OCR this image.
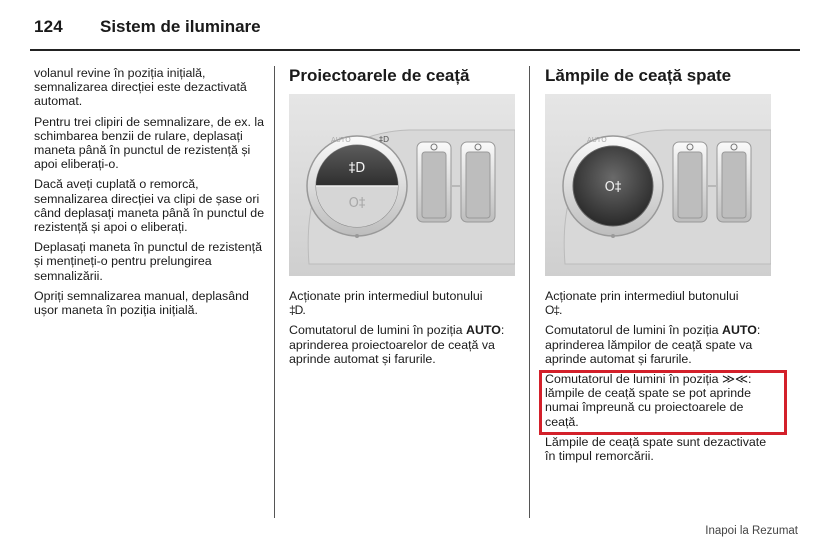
124 Sistem de iluminare

volanul revine în poziția inițială, semnalizarea direcției este dezactivată automat.

Pentru trei clipiri de semnalizare, de ex. la schimbarea benzii de rulare, deplasați maneta până în punctul de rezistență și apoi eliberați-o.

Dacă aveți cuplată o remorcă, semnalizarea direcției va clipi de șase ori când deplasați maneta până în punctul de rezistență și apoi o eliberați.

Deplasați maneta în punctul de rezistență și mențineți-o pentru prelungirea semnalizării.

Opriți semnalizarea manual, deplasând ușor maneta în poziția inițială.

Proiectoarele de ceață
‡D
O‡
AUTO	‡D

Acționate prin intermediul butonului
‡D.

Comutatorul de lumini în poziția AUTO: aprinderea proiectoarelor de ceață va aprinde automat și farurile.

Lămpile de ceață spate
O‡
AUTO

Acționate prin intermediul butonului
O‡.

Comutatorul de lumini în poziția AUTO: aprinderea lămpilor de ceață spate va aprinde automat și farurile.

Comutatorul de lumini în poziția ≫≪: lămpile de ceață spate se pot aprinde numai împreună cu proiectoarele de ceață.

Lămpile de ceață spate sunt dezactivate în timpul remorcării.

Inapoi la Rezumat
